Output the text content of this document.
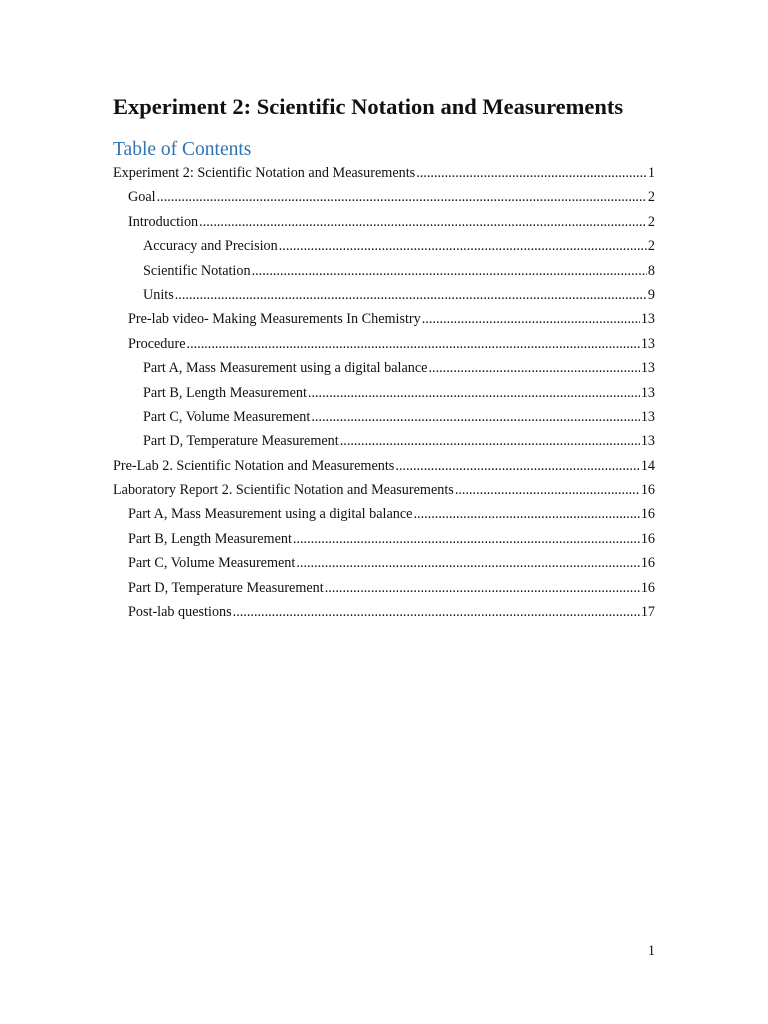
Experiment 2: Scientific Notation and Measurements
Table of Contents
Experiment 2: Scientific Notation and Measurements .....	1
Goal .....	2
Introduction .....	2
Accuracy and Precision .....	2
Scientific Notation .....	8
Units .....	9
Pre-lab video- Making Measurements In Chemistry .....	13
Procedure .....	13
Part A, Mass Measurement using a digital balance .....	13
Part B, Length Measurement .....	13
Part C, Volume Measurement .....	13
Part D, Temperature Measurement .....	13
Pre-Lab 2. Scientific Notation and Measurements .....	14
Laboratory Report 2. Scientific Notation and Measurements .....	16
Part A, Mass Measurement using a digital balance .....	16
Part B, Length Measurement .....	16
Part C, Volume Measurement .....	16
Part D, Temperature Measurement .....	16
Post-lab questions .....	17
1
